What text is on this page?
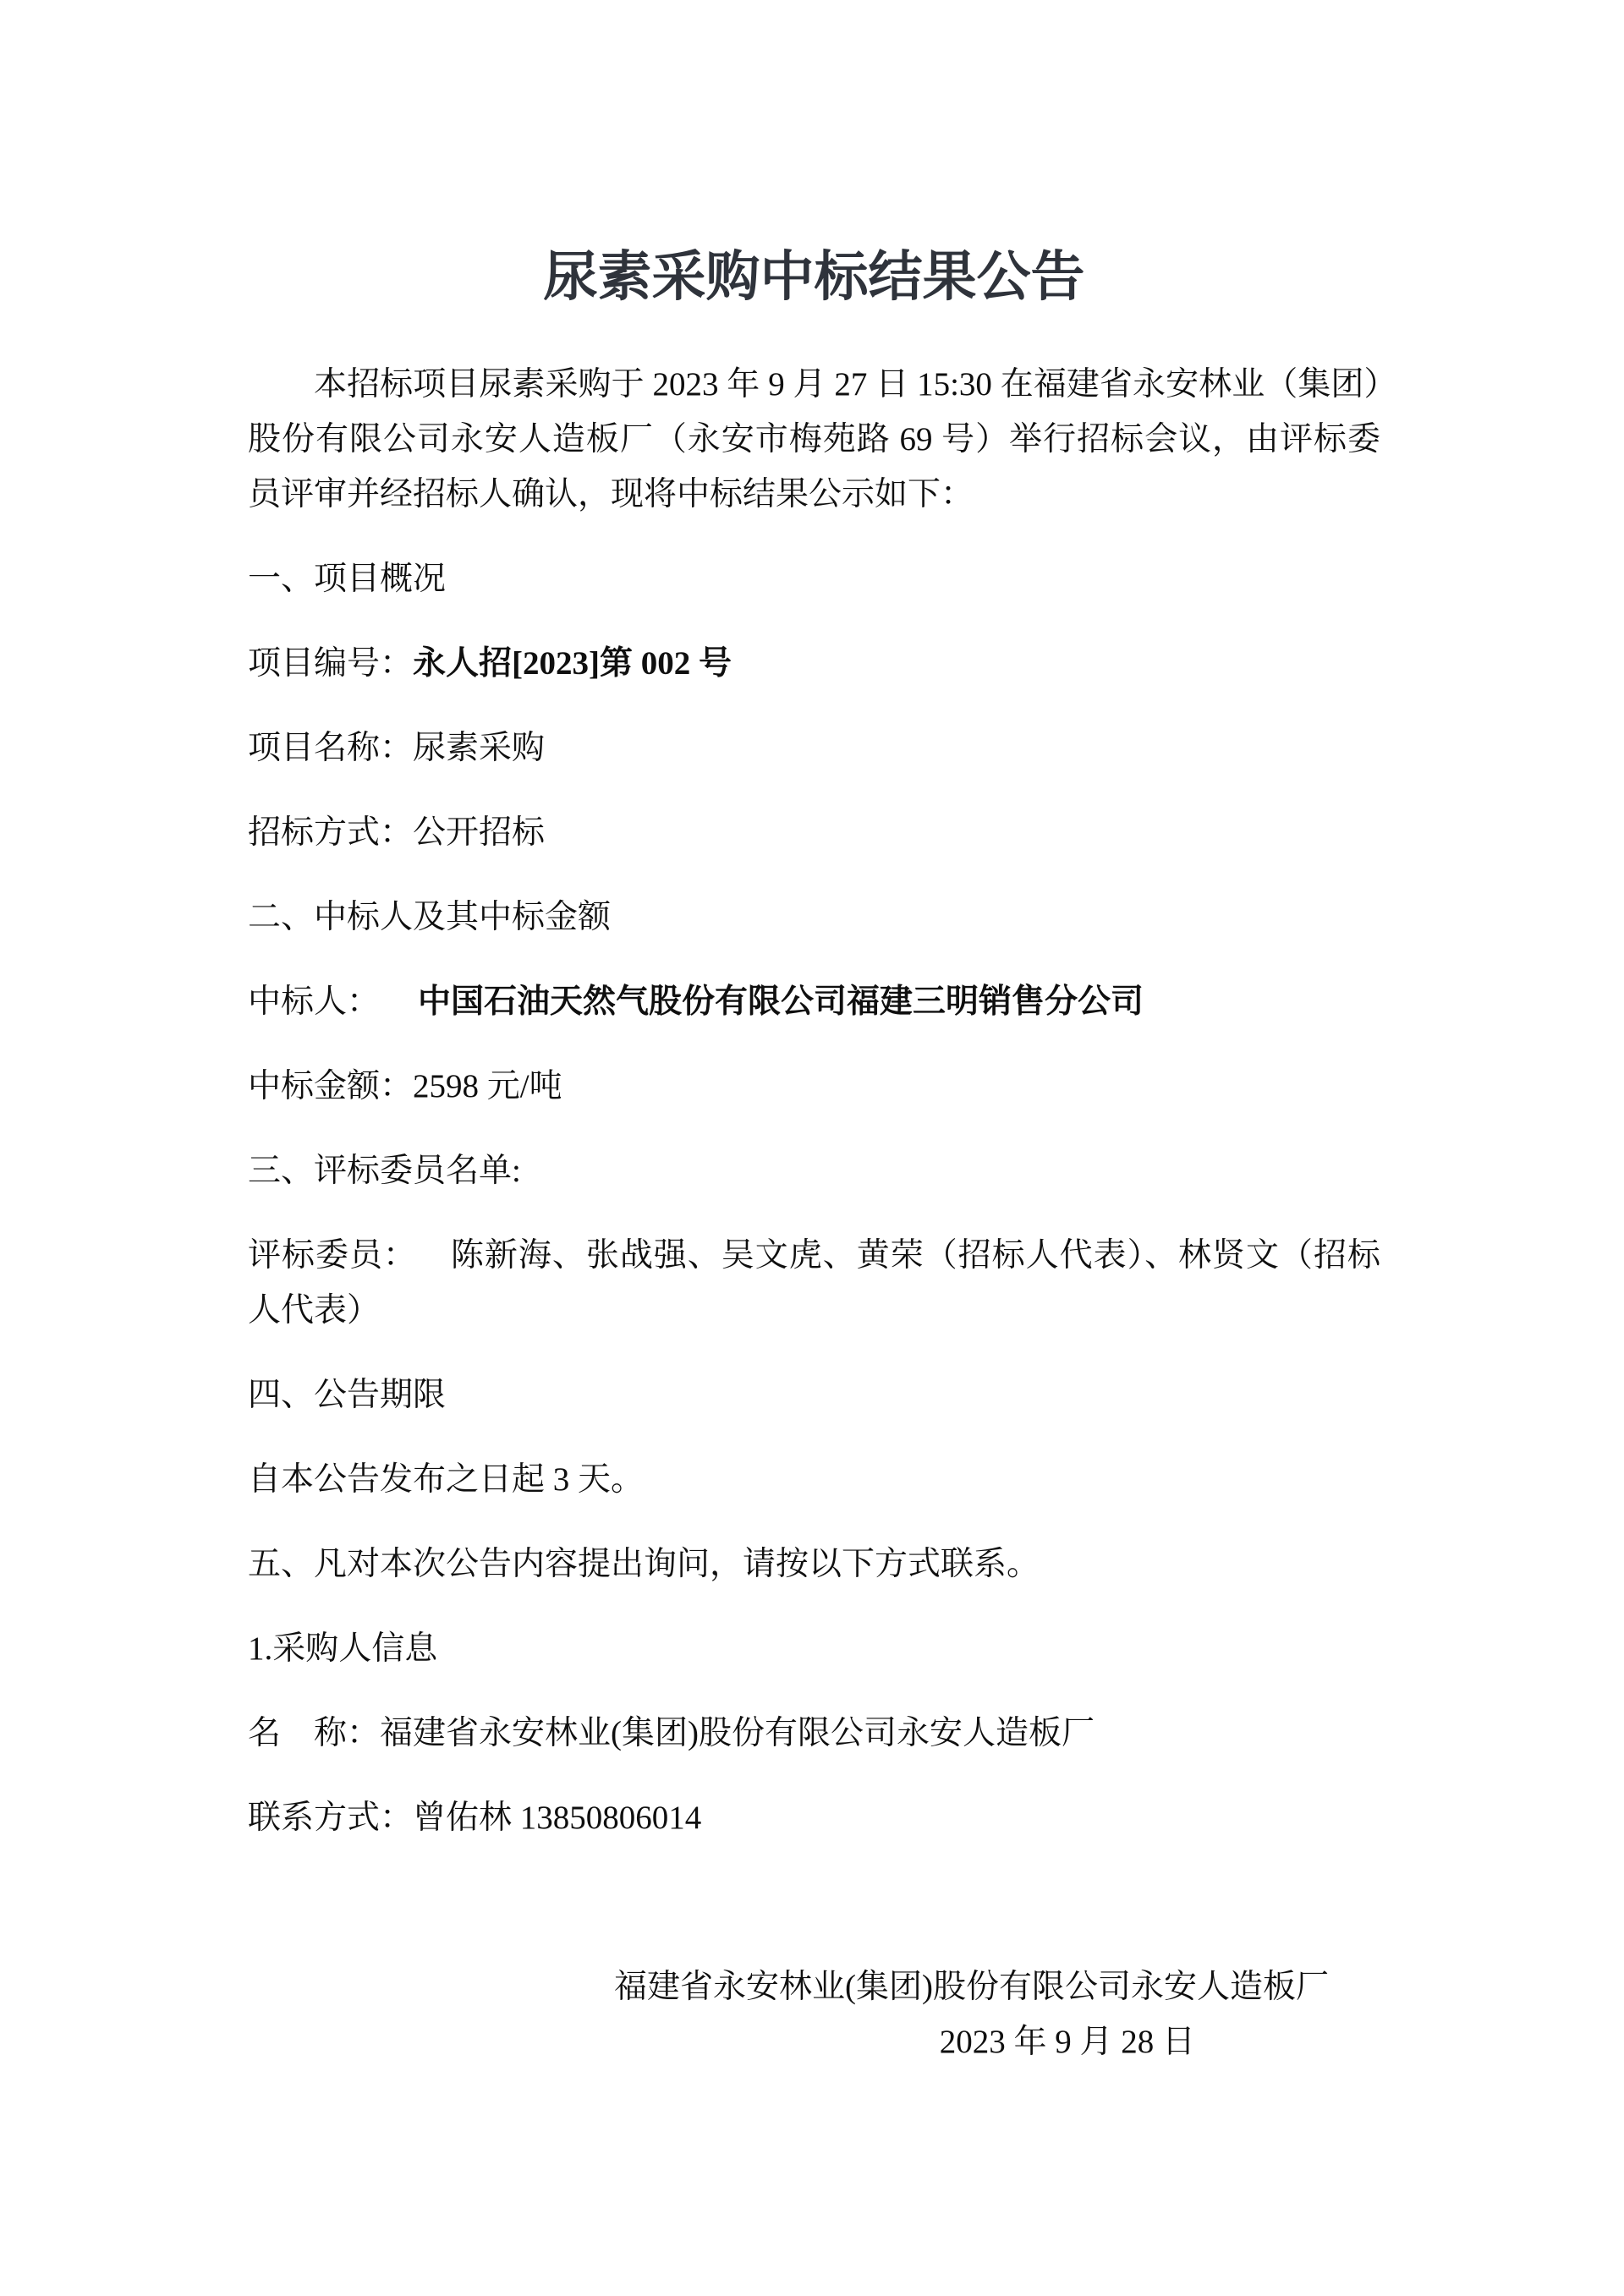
尿素采购中标结果公告

本招标项目尿素采购于 2023 年 9 月 27 日 15:30 在福建省永安林业（集团）股份有限公司永安人造板厂（永安市梅苑路 69 号）举行招标会议，由评标委员评审并经招标人确认，现将中标结果公示如下：

一、项目概况

项目编号：永人招[2023]第 002 号

项目名称：尿素采购

招标方式：公开招标

二、中标人及其中标金额

中标人： 中国石油天然气股份有限公司福建三明销售分公司

中标金额：2598 元/吨

三、评标委员名单:

评标委员： 陈新海、张战强、吴文虎、黄荣（招标人代表）、林贤文（招标人代表）

四、公告期限

自本公告发布之日起 3 天。

五、凡对本次公告内容提出询问，请按以下方式联系。

1.采购人信息

名　称：福建省永安林业(集团)股份有限公司永安人造板厂

联系方式：曾佑林 13850806014

福建省永安林业(集团)股份有限公司永安人造板厂

2023 年 9 月 28 日
